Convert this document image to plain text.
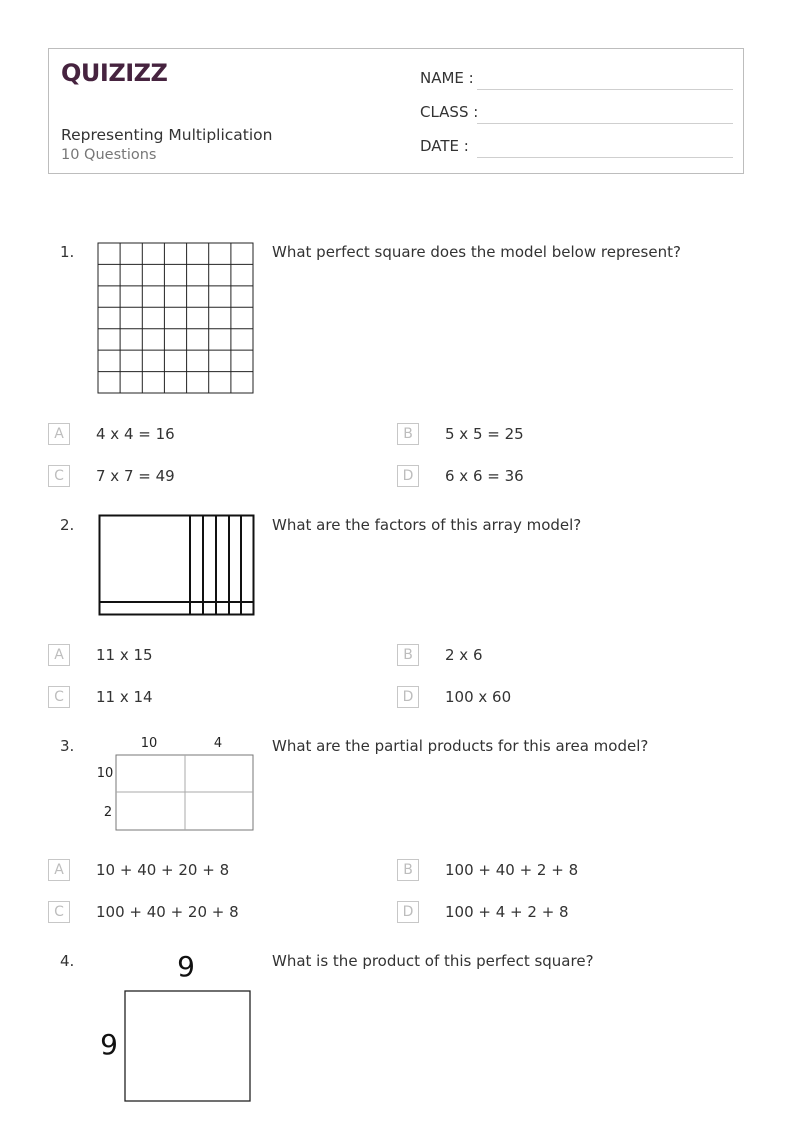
QUIZIZZ
Representing Multiplication
10 Questions
NAME :
CLASS :
DATE :
1.	What perfect square does the model below represent?
A	4 x 4 = 16	B	5 x 5 = 25
C	7 x 7 = 49	D	6 x 6 = 36
2.	What are the factors of this array model?
A	11 x 15	B	2 x 6
C	11 x 14	D	100 x 60
3.	10	4
10
2
What are the partial products for this area model?
A	10 + 40 + 20 + 8	B	100 + 40 + 2 + 8
C	100 + 40 + 20 + 8	D	100 + 4 + 2 + 8
4.	9
9
What is the product of this perfect square?
